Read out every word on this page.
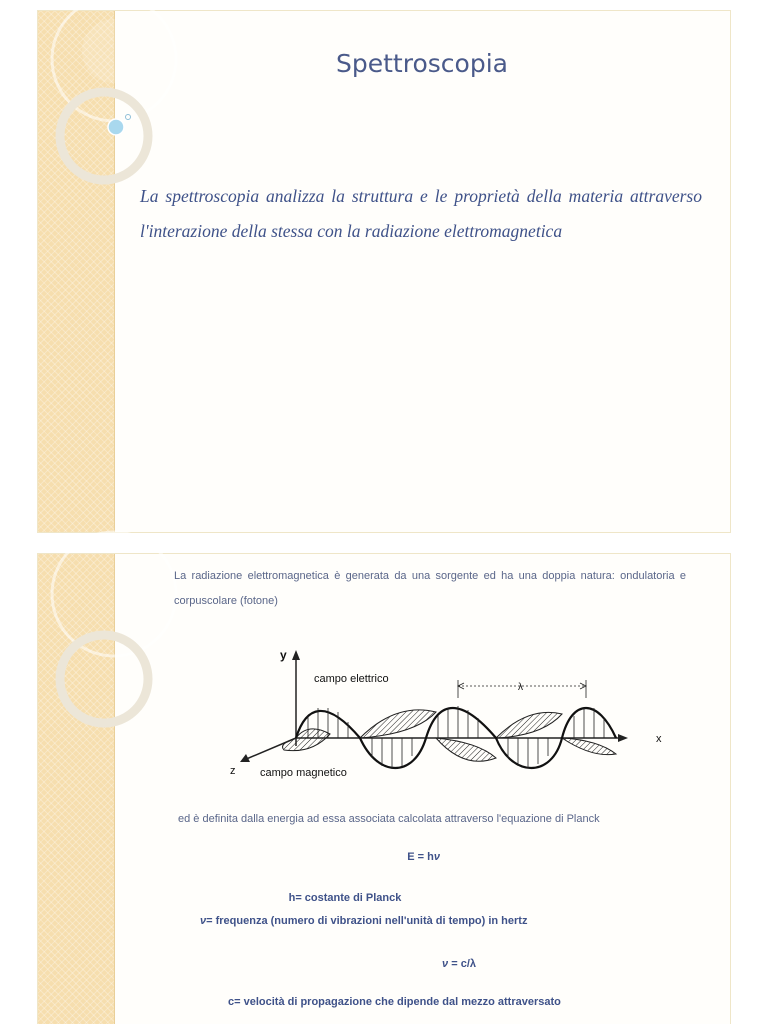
Spettroscopia

La spettroscopia analizza la struttura e le proprietà della materia attraverso l'interazione della stessa con la radiazione elettromagnetica

La radiazione elettromagnetica è generata da una sorgente ed ha una doppia natura: ondulatoria e corpuscolare (fotone)

y
x
z
campo elettrico
campo magnetico
λ

ed è definita dalla energia ad essa associata calcolata attraverso l'equazione di Planck

E = hν

h= costante di Planck

ν= frequenza (numero di vibrazioni nell'unità di tempo) in hertz

ν = c/λ

c= velocità di propagazione che dipende dal mezzo attraversato
